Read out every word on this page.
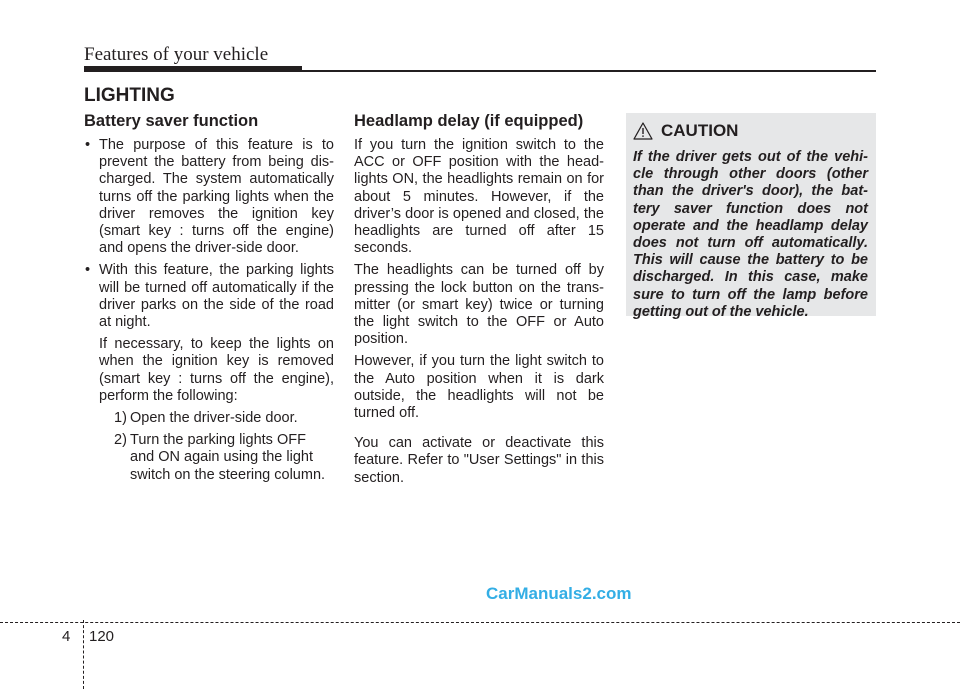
Features of your vehicle
LIGHTING
Battery saver function
• The purpose of this feature is to prevent the battery from being dis-charged. The system automatically turns off the parking lights when the driver removes the ignition key (smart key : turns off the engine) and opens the driver-side door.
• With this feature, the parking lights will be turned off automatically if the driver parks on the side of the road at night.
If necessary, to keep the lights on when the ignition key is removed (smart key : turns off the engine), perform the following:
1) Open the driver-side door.
2) Turn the parking lights OFF and ON again using the light switch on the steering column.
Headlamp delay (if equipped)

If you turn the ignition switch to the ACC or OFF position with the head-lights ON, the headlights remain on for about 5 minutes. However, if the driver’s door is opened and closed, the headlights are turned off after 15 seconds.

The headlights can be turned off by pressing the lock button on the trans-mitter (or smart key) twice or turning the light switch to the OFF or Auto position.

However, if you turn the light switch to the Auto position when it is dark outside, the headlights will not be turned off.

You can activate or deactivate this feature. Refer to "User Settings" in this section.

CAUTION

If the driver gets out of the vehi-cle through other doors (other than the driver's door), the bat-tery saver function does not operate and the headlamp delay does not turn off automatically. This will cause the battery to be discharged. In this case, make sure to turn off the lamp before getting out of the vehicle.

CarManuals2.com
4 120
